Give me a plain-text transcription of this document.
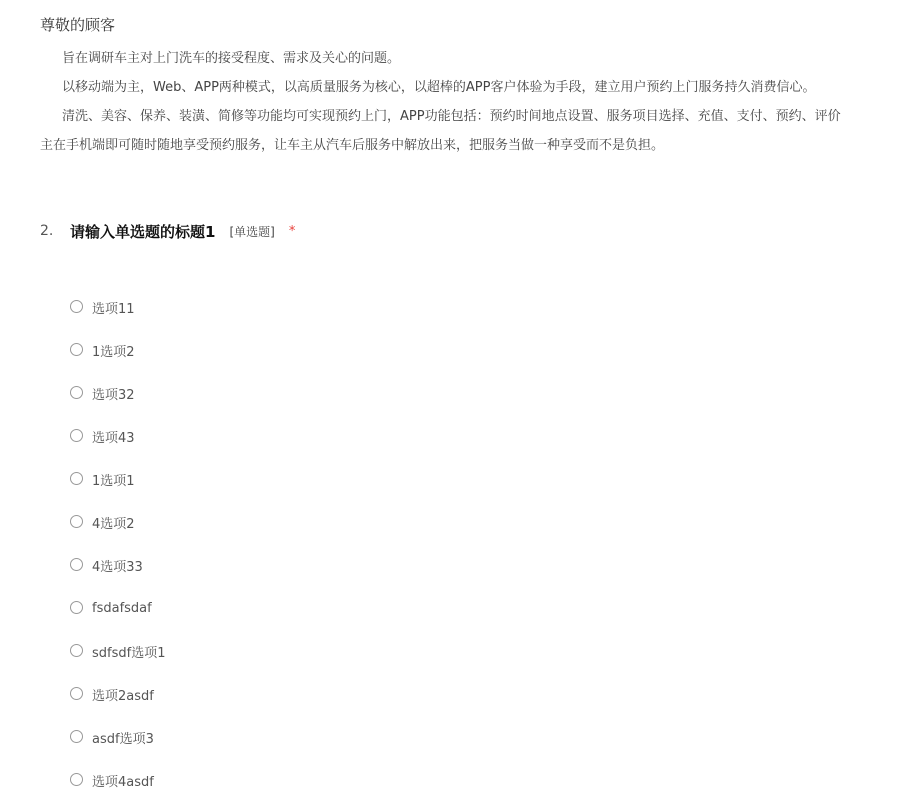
尊敬的顾客

旨在调研车主对上门洗车的接受程度、需求及关心的问题。

以移动端为主，Web、APP两种模式，以高质量服务为核心，以超棒的APP客户体验为手段，建立用户预约上门服务持久消费信心。

清洗、美容、保养、装潢、简修等功能均可实现预约上门，APP功能包括：预约时间地点设置、服务项目选择、充值、支付、预约、评价
主在手机端即可随时随地享受预约服务，让车主从汽车后服务中解放出来，把服务当做一种享受而不是负担。
2.	请输入单选题的标题1 [单选题] *
选项11
1选项2
选项32
选项43
1选项1
4选项2
4选项33
fsdafsdaf
sdfsdf选项1
选项2asdf
asdf选项3
选项4asdf
